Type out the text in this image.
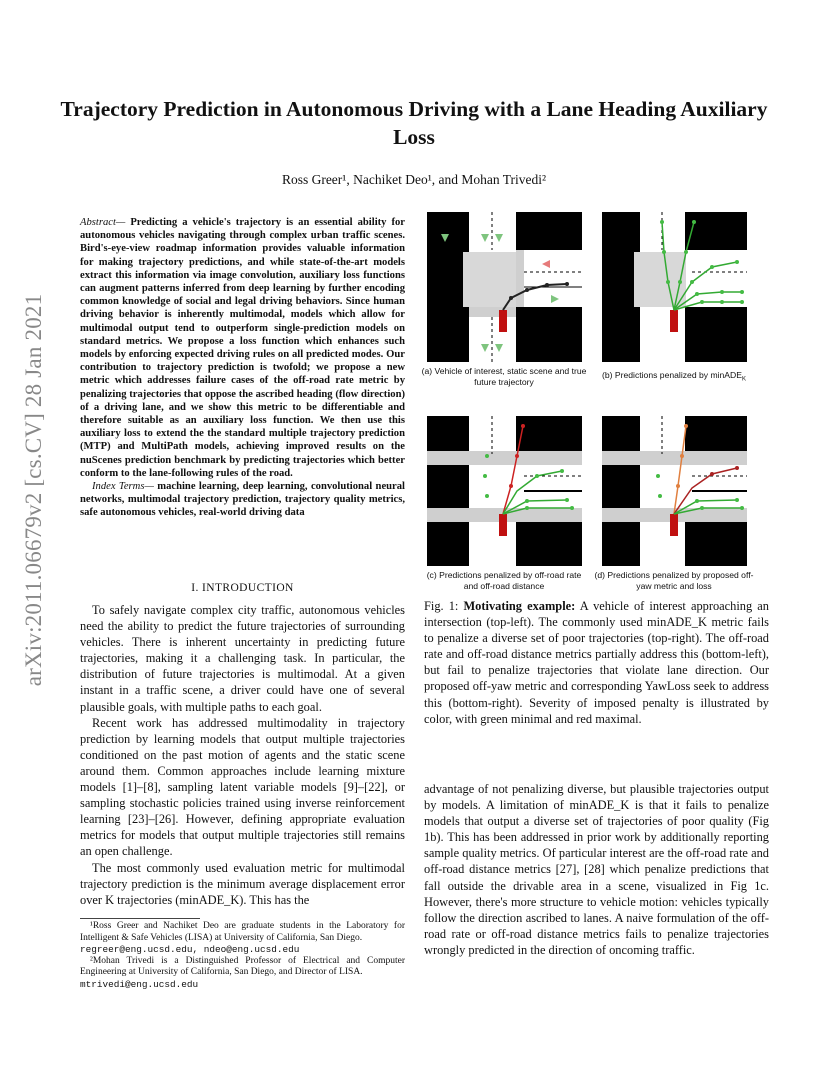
Trajectory Prediction in Autonomous Driving with a Lane Heading Auxiliary Loss
Ross Greer¹, Nachiket Deo¹, and Mohan Trivedi²
arXiv:2011.06679v2 [cs.CV] 28 Jan 2021
Abstract— Predicting a vehicle's trajectory is an essential ability for autonomous vehicles navigating through complex urban traffic scenes. Bird's-eye-view roadmap information provides valuable information for making trajectory predictions, and while state-of-the-art models extract this information via image convolution, auxiliary loss functions can augment patterns inferred from deep learning by further encoding common knowledge of social and legal driving behaviors. Since human driving behavior is inherently multimodal, models which allow for multimodal output tend to outperform single-prediction models on standard metrics. We propose a loss function which enhances such models by enforcing expected driving rules on all predicted modes. Our contribution to trajectory prediction is twofold; we propose a new metric which addresses failure cases of the off-road rate metric by penalizing trajectories that oppose the ascribed heading (flow direction) of a driving lane, and we show this metric to be differentiable and therefore suitable as an auxiliary loss function. We then use this auxiliary loss to extend the the standard multiple trajectory prediction (MTP) and MultiPath models, achieving improved results on the nuScenes prediction benchmark by predicting trajectories which better conform to the lane-following rules of the road.
Index Terms— machine learning, deep learning, convolutional neural networks, multimodal trajectory prediction, trajectory quality metrics, safe autonomous vehicles, real-world driving data
I. INTRODUCTION

To safely navigate complex city traffic, autonomous vehicles need the ability to predict the future trajectories of surrounding vehicles. There is inherent uncertainty in predicting future trajectories, making it a challenging task. In particular, the distribution of future trajectories is multimodal. At a given instant in a traffic scene, a driver could have one of several plausible goals, with multiple paths to each goal.

Recent work has addressed multimodality in trajectory prediction by learning models that output multiple trajectories conditioned on the past motion of agents and the static scene around them. Common approaches include learning mixture models [1]–[8], sampling latent variable models [9]–[22], or sampling stochastic policies trained using inverse reinforcement learning [23]–[26]. However, defining appropriate evaluation metrics for models that output multiple trajectories still remains an open challenge.

The most commonly used evaluation metric for multimodal trajectory prediction is the minimum average displacement error over K trajectories (minADE_K). This has the

¹Ross Greer and Nachiket Deo are graduate students in the Laboratory for Intelligent & Safe Vehicles (LISA) at University of California, San Diego.

regreer@eng.ucsd.edu, ndeo@eng.ucsd.edu

²Mohan Trivedi is a Distinguished Professor of Electrical and Computer Engineering at University of California, San Diego, and Director of LISA.

mtrivedi@eng.ucsd.edu
(a) Vehicle of interest, static scene and true future trajectory
(b) Predictions penalized by minADE$_K$
(c) Predictions penalized by off-road rate and off-road distance
(d) Predictions penalized by proposed off-yaw metric and loss
Fig. 1: Motivating example: A vehicle of interest approaching an intersection (top-left). The commonly used minADE_K metric fails to penalize a diverse set of poor trajectories (top-right). The off-road rate and off-road distance metrics partially address this (bottom-left), but fail to penalize trajectories that violate lane direction. Our proposed off-yaw metric and corresponding YawLoss seek to address this (bottom-right). Severity of imposed penalty is illustrated by color, with green minimal and red maximal.
advantage of not penalizing diverse, but plausible trajectories output by models. A limitation of minADE_K is that it fails to penalize models that output a diverse set of trajectories of poor quality (Fig 1b). This has been addressed in prior work by additionally reporting sample quality metrics. Of particular interest are the off-road rate and off-road distance metrics [27], [28] which penalize predictions that fall outside the drivable area in a scene, visualized in Fig 1c. However, there's more structure to vehicle motion: vehicles typically follow the direction ascribed to lanes. A naive formulation of the off-road rate or off-road distance metrics fails to penalize trajectories wrongly predicted in the direction of oncoming traffic.
